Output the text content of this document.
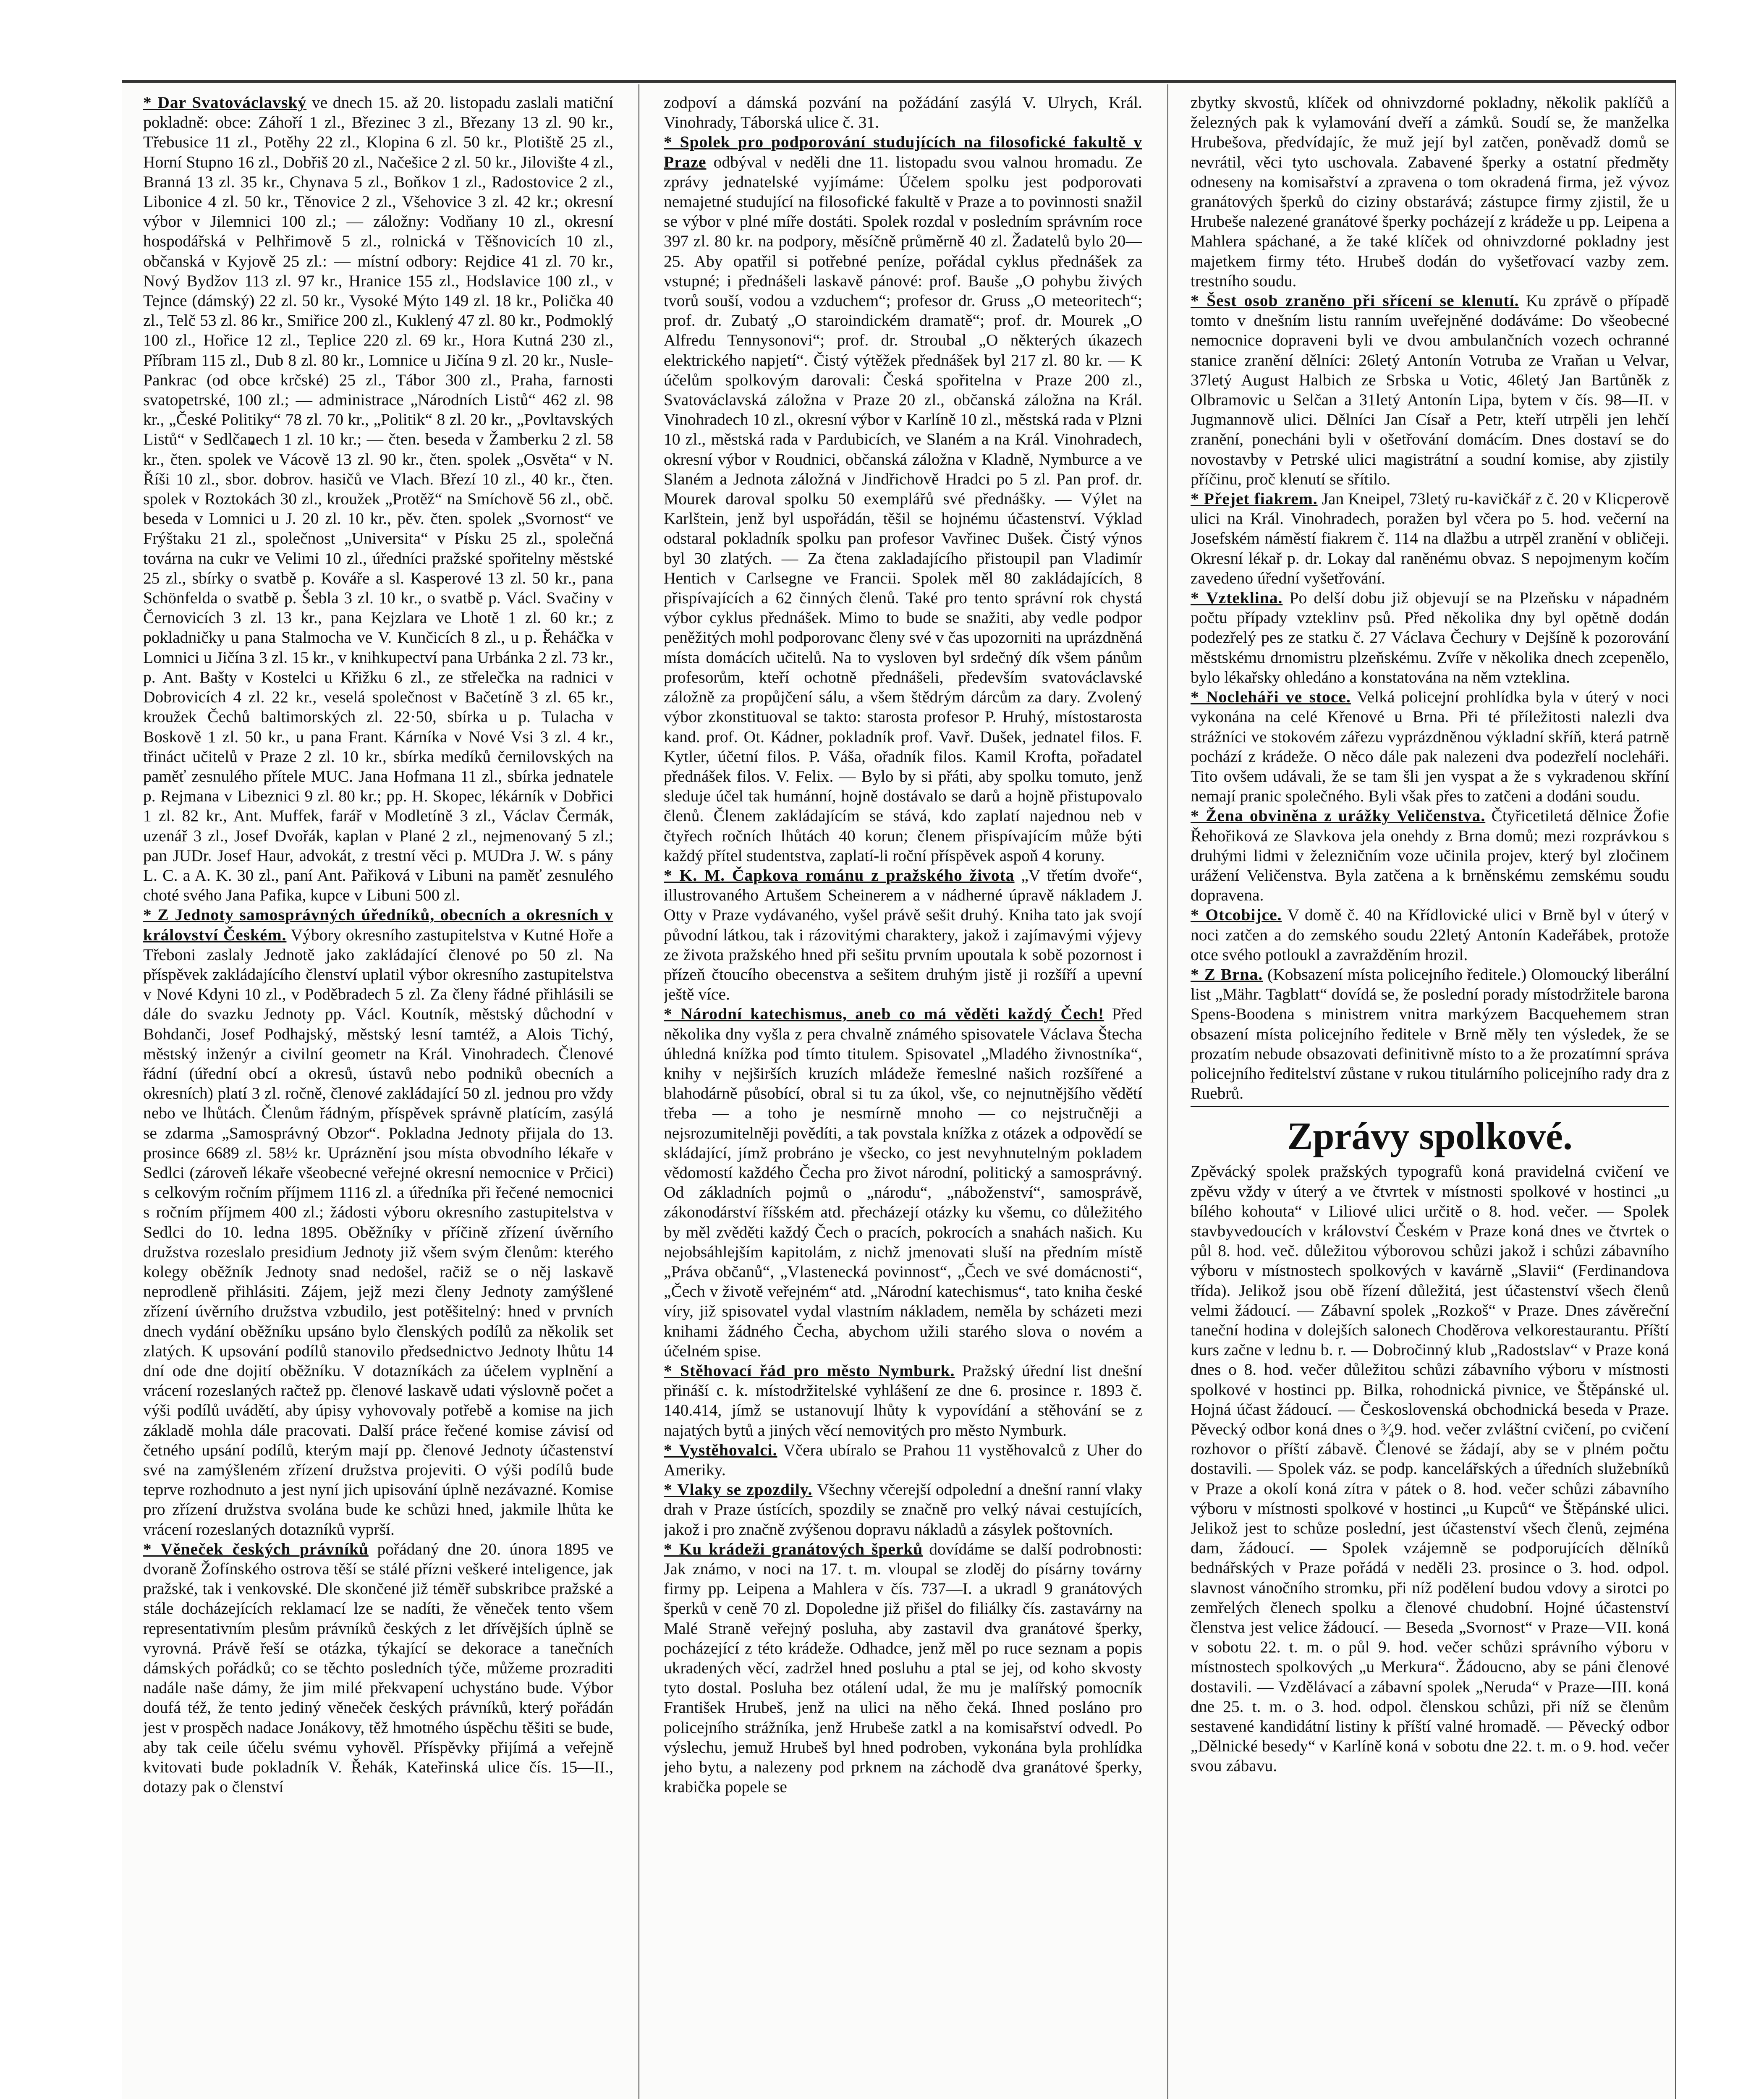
* Dar Svatováclavský ve dnech 15. až 20. listopadu zaslali matiční pokladně: obce: Záhoří 1 zl., Březinec 3 zl., Březany 13 zl. 90 kr., Třebusice 11 zl., Potěhy 22 zl., Klopina 6 zl. 50 kr., Plotiště 25 zl., Horní Stupno 16 zl., Dobřiš 20 zl., Načešice 2 zl. 50 kr., Jilovište 4 zl., Branná 13 zl. 35 kr., Chynava 5 zl., Boňkov 1 zl., Radostovice 2 zl., Libonice 4 zl. 50 kr., Těnovice 2 zl., Všehovice 3 zl. 42 kr.; okresní výbor v Jilemnici 100 zl.; — záložny: Vodňany 10 zl., okresní hospodářská v Pelhřimově 5 zl., rolnická v Těšnovicích 10 zl., občanská v Kyjově 25 zl.: — místní odbory: Rejdice 41 zl. 70 kr., Nový Bydžov 113 zl. 97 kr., Hranice 155 zl., Hodslavice 100 zl., v Tejnce (dámský) 22 zl. 50 kr., Vysoké Mýto 149 zl. 18 kr., Polička 40 zl., Telč 53 zl. 86 kr., Smiřice 200 zl., Kuklený 47 zl. 80 kr., Podmoklý 100 zl., Hořice 12 zl., Teplice 220 zl. 69 kr., Hora Kutná 230 zl., Příbram 115 zl., Dub 8 zl. 80 kr., Lomnice u Jičína 9 zl. 20 kr., Nusle-Pankrac (od obce krčské) 25 zl., Tábor 300 zl., Praha, farnosti svatopetrské, 100 zl.; — administrace „Národních Listů“ 462 zl. 98 kr., „České Politiky“ 78 zl. 70 kr., „Politik“ 8 zl. 20 kr., „Povltavských Listů“ v Sedlčanech 1 zl. 10 kr.; — čten. beseda v Žamberku 2 zl. 58 kr., čten. spolek ve Vácově 13 zl. 90 kr., čten. spolek „Osvěta“ v N. Říši 10 zl., sbor. dobrov. hasičů ve Vlach. Březí 10 zl., 40 kr., čten. spolek v Roztokách 30 zl., kroužek „Protěž“ na Smíchově 56 zl., obč. beseda v Lomnici u J. 20 zl. 10 kr., pěv. čten. spolek „Svornost“ ve Frýštaku 21 zl., společnost „Universita“ v Písku 25 zl., společná továrna na cukr ve Velimi 10 zl., úředníci pražské spořitelny městské 25 zl., sbírky o svatbě p. Kováře a sl. Kasperové 13 zl. 50 kr., pana Schönfelda o svatbě p. Šebla 3 zl. 10 kr., o svatbě p. Václ. Svačiny v Černovicích 3 zl. 13 kr., pana Kejzlara ve Lhotě 1 zl. 60 kr.; z pokladničky u pana Stalmocha ve V. Kunčicích 8 zl., u p. Řeháčka v Lomnici u Jičína 3 zl. 15 kr., v knihkupectví pana Urbánka 2 zl. 73 kr., p. Ant. Bašty v Kostelci u Křižku 6 zl., ze střelečka na radnici v Dobrovicích 4 zl. 22 kr., veselá společnost v Bačetíně 3 zl. 65 kr., kroužek Čechů baltimorských zl. 22·50, sbírka u p. Tulacha v Boskově 1 zl. 50 kr., u pana Frant. Kárníka v Nové Vsi 3 zl. 4 kr., třináct učitelů v Praze 2 zl. 10 kr., sbírka medíků černilovských na paměť zesnulého přítele MUC. Jana Hofmana 11 zl., sbírka jednatele p. Rejmana v Libeznici 9 zl. 80 kr.; pp. H. Skopec, lékárník v Dobřici 1 zl. 82 kr., Ant. Muffek, farář v Modletíně 3 zl., Václav Čermák, uzenář 3 zl., Josef Dvořák, kaplan v Plané 2 zl., nejmenovaný 5 zl.; pan JUDr. Josef Haur, advokát, z trestní věci p. MUDra J. W. s pány L. C. a A. K. 30 zl., paní Ant. Pařiková v Libuni na paměť zesnulého choté svého Jana Pafika, kupce v Libuni 500 zl.

* Z Jednoty samosprávných úředníků, obecních a okresních v království Českém. Výbory okresního zastupitelstva v Kutné Hoře a Třeboni zaslaly Jednotě jako zakládající členové po 50 zl. Na příspěvek zakládajícího členství uplatil výbor okresního zastupitelstva v Nové Kdyni 10 zl., v Poděbradech 5 zl. Za členy řádné přihlásili se dále do svazku Jednoty pp. Václ. Koutník, městský důchodní v Bohdanči, Josef Podhajský, městský lesní tamtéž, a Alois Tichý, městský inženýr a civilní geometr na Král. Vinohradech. Členové řádní (úřední obcí a okresů, ústavů nebo podniků obecních a okresních) platí 3 zl. ročně, členové zakládající 50 zl. jednou pro vždy nebo ve lhůtách. Členům řádným, příspěvek správně platícím, zasýlá se zdarma „Samosprávný Obzor“. Pokladna Jednoty přijala do 13. prosince 6689 zl. 58½ kr. Upráznění jsou místa obvodního lékaře v Sedlci (zároveň lékaře všeobecné veřejné okresní nemocnice v Prčici) s celkovým ročním příjmem 1116 zl. a úředníka při řečené nemocnici s ročním příjmem 400 zl.; žádosti výboru okresního zastupitelstva v Sedlci do 10. ledna 1895. Oběžníky v příčině zřízení úvěrního družstva rozeslalo presidium Jednoty již všem svým členům: kterého kolegy oběžník Jednoty snad nedošel, račiž se o něj laskavě neprodleně přihlásiti. Zájem, jejž mezi členy Jednoty zamýšlené zřízení úvěrního družstva vzbudilo, jest potěšitelný: hned v prvních dnech vydání oběžníku upsáno bylo členských podílů za několik set zlatých. K upsování podílů stanovilo předsednictvo Jednoty lhůtu 14 dní ode dne dojití oběžníku. V dotazníkách za účelem vyplnění a vrácení rozeslaných račtež pp. členové laskavě udati výslovně počet a výši podílů uvádětí, aby úpisy vyhovovaly potřebě a komise na jich základě mohla dále pracovati. Další práce řečené komise závisí od četného upsání podílů, kterým mají pp. členové Jednoty účastenství své na zamýšleném zřízení družstva projeviti. O výši podílů bude teprve rozhodnuto a jest nyní jich upisování úplně nezávazné. Komise pro zřízení družstva svolána bude ke schůzi hned, jakmile lhůta ke vrácení rozeslaných dotazníků vyprší.

* Věneček českých právníků pořádaný dne 20. února 1895 ve dvoraně Žofínského ostrova těší se stálé přízni veškeré inteligence, jak pražské, tak i venkovské. Dle skončené již téměř subskribce pražské a stále docházejících reklamací lze se nadíti, že věneček tento všem representativním plesům právníků českých z let dřívějších úplně se vyrovná. Právě řeší se otázka, týkající se dekorace a tanečních dámských pořádků; co se těchto posledních týče, můžeme prozraditi nadále naše dámy, že jim milé překvapení uchystáno bude. Výbor doufá též, že tento jediný věneček českých právníků, který pořádán jest v prospěch nadace Jonákovy, těž hmotného úspěchu těšiti se bude, aby tak ceile účelu svému vyhověl. Příspěvky přijímá a veřejně kvitovati bude pokladník V. Řehák, Kateřinská ulice čís. 15—II., dotazy pak o členství

zodpoví a dámská pozvání na požádání zasýlá V. Ulrych, Král. Vinohrady, Táborská ulice č. 31.

* Spolek pro podporování studujících na filosofické fakultě v Praze odbýval v neděli dne 11. listopadu svou valnou hromadu. Ze zprávy jednatelské vyjímáme: Účelem spolku jest podporovati nemajetné studující na filosofické fakultě v Praze a to povinnosti snažil se výbor v plné míře dostáti. Spolek rozdal v posledním správním roce 397 zl. 80 kr. na podpory, měsíčně průměrně 40 zl. Žadatelů bylo 20—25. Aby opatřil si potřebné peníze, pořádal cyklus přednášek za vstupné; i přednášeli laskavě pánové: prof. Bauše „O pohybu živých tvorů souší, vodou a vzduchem“; profesor dr. Gruss „O meteoritech“; prof. dr. Zubatý „O staroindickém dramatě“; prof. dr. Mourek „O Alfredu Tennysonovi“; prof. dr. Stroubal „O některých úkazech elektrického napjetí“. Čistý výtěžek přednášek byl 217 zl. 80 kr. — K účelům spolkovým darovali: Česká spořitelna v Praze 200 zl., Svatováclavská záložna v Praze 20 zl., občanská záložna na Král. Vinohradech 10 zl., okresní výbor v Karlíně 10 zl., městská rada v Plzni 10 zl., městská rada v Pardubicích, ve Slaném a na Král. Vinohradech, okresní výbor v Roudnici, občanská záložna v Kladně, Nymburce a ve Slaném a Jednota záložná v Jindřichově Hradci po 5 zl. Pan prof. dr. Mourek daroval spolku 50 exemplářů své přednášky. — Výlet na Karlštein, jenž byl uspořádán, těšil se hojnému účastenství. Výklad odstaral pokladník spolku pan profesor Vavřinec Dušek. Čistý výnos byl 30 zlatých. — Za čtena zakladajícího přistoupil pan Vladimír Hentich v Carlsegne ve Francii. Spolek měl 80 zakládajících, 8 přispívajících a 62 činných členů. Také pro tento správní rok chystá výbor cyklus přednášek. Mimo to bude se snažiti, aby vedle podpor peněžitých mohl podporovanc členy své v čas upozorniti na uprázdněná místa domácích učitelů. Na to vysloven byl srdečný dík všem pánům profesorům, kteří ochotně přednášeli, především svatováclavské záložně za propůjčení sálu, a všem štědrým dárcům za dary. Zvolený výbor zkonstituoval se takto: starosta profesor P. Hruhý, místostarosta kand. prof. Ot. Kádner, pokladník prof. Vavř. Dušek, jednatel filos. F. Kytler, účetní filos. P. Váša, ořadník filos. Kamil Krofta, pořadatel přednášek filos. V. Felix. — Bylo by si přáti, aby spolku tomuto, jenž sleduje účel tak humánní, hojně dostávalo se darů a hojně přistupovalo členů. Členem zakládajícím se stává, kdo zaplatí najednou neb v čtyřech ročních lhůtách 40 korun; členem přispívajícím může býti každý přítel studentstva, zaplatí-li roční příspěvek aspoň 4 koruny.

* K. M. Čapkova románu z pražského života „V třetím dvoře“, illustrovaného Artušem Scheinerem a v nádherné úpravě nákladem J. Otty v Praze vydávaného, vyšel právě sešit druhý. Kniha tato jak svojí původní látkou, tak i rázovitými charaktery, jakož i zajímavými výjevy ze života pražského hned při sešitu prvním upoutala k sobě pozornost i přízeň čtoucího obecenstva a sešitem druhým jistě ji rozšíří a upevní ještě více.

* Národní katechismus, aneb co má věděti každý Čech! Před několika dny vyšla z pera chvalně známého spisovatele Václava Štecha úhledná knížka pod tímto titulem. Spisovatel „Mladého živnostníka“, knihy v nejširších kruzích mládeže řemeslné našich rozšířené a blahodárně působící, obral si tu za úkol, vše, co nejnutnějšího vědětí třeba — a toho je nesmírně mnoho — co nejstručněji a nejsrozumitelněji povědíti, a tak povstala knížka z otázek a odpovědí se skládající, jímž probráno je všecko, co jest nevyhnutelným pokladem vědomostí každého Čecha pro život národní, politický a samosprávný. Od základních pojmů o „národu“, „náboženství“, samosprávě, zákonodárství říšském atd. přecházejí otázky ku všemu, co důležitého by měl zvěděti každý Čech o pracích, pokrocích a snahách našich. Ku nejobsáhlejším kapitolám, z nichž jmenovati sluší na předním místě „Práva občanů“, „Vlastenecká povinnost“, „Čech ve své domácnosti“, „Čech v životě veřejném“ atd. „Národní katechismus“, tato kniha české víry, již spisovatel vydal vlastním nákladem, neměla by scházeti mezi knihami žádného Čecha, abychom užili starého slova o novém a účelném spise.

* Stěhovací řád pro město Nymburk. Pražský úřední list dnešní přináší c. k. místodržitelské vyhlášení ze dne 6. prosince r. 1893 č. 140.414, jímž se ustanovují lhůty k vypovídání a stěhování se z najatých bytů a jiných věcí nemovitých pro město Nymburk.

* Vystěhovalci. Včera ubíralo se Prahou 11 vystěhovalců z Uher do Ameriky.

* Vlaky se zpozdily. Všechny včerejší odpolední a dnešní ranní vlaky drah v Praze ústících, spozdily se značně pro velký návai cestujících, jakož i pro značně zvýšenou dopravu nákladů a zásylek poštovních.

* Ku krádeži granátových šperků dovídáme se další podrobnosti: Jak známo, v noci na 17. t. m. vloupal se zloděj do písárny továrny firmy pp. Leipena a Mahlera v čís. 737—I. a ukradl 9 granátových šperků v ceně 70 zl. Dopoledne již přišel do filiálky čís. zastavárny na Malé Straně veřejný posluha, aby zastavil dva granátové šperky, pocházející z této krádeže. Odhadce, jenž měl po ruce seznam a popis ukradených věcí, zadržel hned posluhu a ptal se jej, od koho skvosty tyto dostal. Posluha bez otálení udal, že mu je malířský pomocník František Hrubeš, jenž na ulici na něho čeká. Ihned posláno pro policejního strážníka, jenž Hrubeše zatkl a na komisařství odvedl. Po výslechu, jemuž Hrubeš byl hned podroben, vykonána byla prohlídka jeho bytu, a nalezeny pod prknem na záchodě dva granátové šperky, krabička popele se

zbytky skvostů, klíček od ohnivzdorné pokladny, několik paklíčů a železných pak k vylamování dveří a zámků. Soudí se, že manželka Hrubešova, předvídajíc, že muž její byl zatčen, poněvadž domů se nevrátil, věci tyto uschovala. Zabavené šperky a ostatní předměty odneseny na komisařství a zpravena o tom okradená firma, jež vývoz granátových šperků do ciziny obstarává; zástupce firmy zjistil, že u Hrubeše nalezené granátové šperky pocházejí z krádeže u pp. Leipena a Mahlera spáchané, a že také klíček od ohnivzdorné pokladny jest majetkem firmy této. Hrubeš dodán do vyšetřovací vazby zem. trestního soudu.

* Šest osob zraněno při sřícení se klenutí. Ku zprávě o případě tomto v dnešním listu ranním uveřejněné dodáváme: Do všeobecné nemocnice dopraveni byli ve dvou ambulančních vozech ochranné stanice zranění dělníci: 26letý Antonín Votruba ze Vraňan u Velvar, 37letý August Halbich ze Srbska u Votic, 46letý Jan Bartůněk z Olbramovic u Selčan a 31letý Antonín Lipa, bytem v čís. 98—II. v Jugmannově ulici. Dělníci Jan Císař a Petr, kteří utrpěli jen lehčí zranění, ponecháni byli v ošetřování domácím. Dnes dostaví se do novostavby v Petrské ulici magistrátní a soudní komise, aby zjistily příčinu, proč klenutí se sřítilo.

* Přejet fiakrem. Jan Kneipel, 73letý ru-kavičkář z č. 20 v Klicperově ulici na Král. Vinohradech, poražen byl včera po 5. hod. večerní na Josefském náměstí fiakrem č. 114 na dlažbu a utrpěl zranění v obličeji. Okresní lékař p. dr. Lokay dal raněnému obvaz. S nepojmenym kočím zavedeno úřední vyšetřování.

* Vzteklina. Po delší dobu již objevují se na Plzeňsku v nápadném počtu případy vzteklinv psů. Před několika dny byl opětně dodán podezřelý pes ze statku č. 27 Václava Čechury v Dejšíně k pozorování městskému drnomistru plzeňskému. Zvíře v několika dnech zcepenělo, bylo lékařsky ohledáno a konstatována na něm vzteklina.

* Nocleháři ve stoce. Velká policejní prohlídka byla v úterý v noci vykonána na celé Křenové u Brna. Při té příležitosti nalezli dva strážníci ve stokovém zářezu vyprázdněnou výkladní skříň, která patrně pochází z krádeže. O něco dále pak nalezeni dva podezřelí nocleháři. Tito ovšem udávali, že se tam šli jen vyspat a že s vykradenou skříní nemají pranic společného. Byli však přes to zatčeni a dodáni soudu.

* Žena obviněna z urážky Veličenstva. Čtyřicetiletá dělnice Žofie Řehořiková ze Slavkova jela onehdy z Brna domů; mezi rozprávkou s druhými lidmi v železničním voze učinila projev, který byl zločinem urážení Veličenstva. Byla zatčena a k brněnskému zemskému soudu dopravena.

* Otcobijce. V domě č. 40 na Křídlovické ulici v Brně byl v úterý v noci zatčen a do zemského soudu 22letý Antonín Kadeřábek, protože otce svého potloukl a zavražděním hrozil.

* Z Brna. (Kobsazení místa policejního ředitele.) Olomoucký liberální list „Mähr. Tagblatt“ dovídá se, že poslední porady místodržitele barona Spens-Boodena s ministrem vnitra markýzem Bacquehemem stran obsazení místa policejního ředitele v Brně měly ten výsledek, že se prozatím nebude obsazovati definitivně místo to a že prozatímní správa policejního ředitelství zůstane v rukou titulárního policejního rady dra z Ruebrů.

Zprávy spolkové.

Zpěvácký spolek pražských typografů koná pravidelná cvičení ve zpěvu vždy v úterý a ve čtvrtek v místnosti spolkové v hostinci „u bílého kohouta“ v Liliové ulici určitě o 8. hod. večer. — Spolek stavbyvedoucích v království Českém v Praze koná dnes ve čtvrtek o půl 8. hod. več. důležitou výborovou schůzi jakož i schůzi zábavního výboru v místnostech spolkových v kavárně „Slavii“ (Ferdinandova třída). Jelikož jsou obě řízení důležitá, jest účastenství všech členů velmi žádoucí. — Zábavní spolek „Rozkoš“ v Praze. Dnes závěreční taneční hodina v dolejších salonech Choděrova velkorestaurantu. Příští kurs začne v lednu b. r. — Dobročinný klub „Radostslav“ v Praze koná dnes o 8. hod. večer důležitou schůzi zábavního výboru v místnosti spolkové v hostinci pp. Bilka, rohodnická pivnice, ve Štěpánské ul. Hojná účast žádoucí. — Československá obchodnická beseda v Praze. Pěvecký odbor koná dnes o ³⁄₄9. hod. večer zvláštní cvičení, po cvičení rozhovor o příští zábavě. Členové se žádají, aby se v plném počtu dostavili. — Spolek váz. se podp. kancelářských a úředních služebníků v Praze a okolí koná zítra v pátek o 8. hod. večer schůzi zábavního výboru v místnosti spolkové v hostinci „u Kupců“ ve Štěpánské ulici. Jelikož jest to schůze poslední, jest účastenství všech členů, zejména dam, žádoucí. — Spolek vzájemně se podporujících dělníků bednářských v Praze pořádá v neděli 23. prosince o 3. hod. odpol. slavnost vánočního stromku, při níž podělení budou vdovy a sirotci po zemřelých členech spolku a členové chudobní. Hojné účastenství členstva jest velice žádoucí. — Beseda „Svornost“ v Praze—VII. koná v sobotu 22. t. m. o půl 9. hod. večer schůzi správního výboru v místnostech spolkových „u Merkura“. Žádoucno, aby se páni členové dostavili. — Vzdělávací a zábavní spolek „Neruda“ v Praze—III. koná dne 25. t. m. o 3. hod. odpol. členskou schůzi, při níž se členům sestavené kandidátní listiny k příští valné hromadě. — Pěvecký odbor „Dělnické besedy“ v Karlíně koná v sobotu dne 22. t. m. o 9. hod. večer svou zábavu.
